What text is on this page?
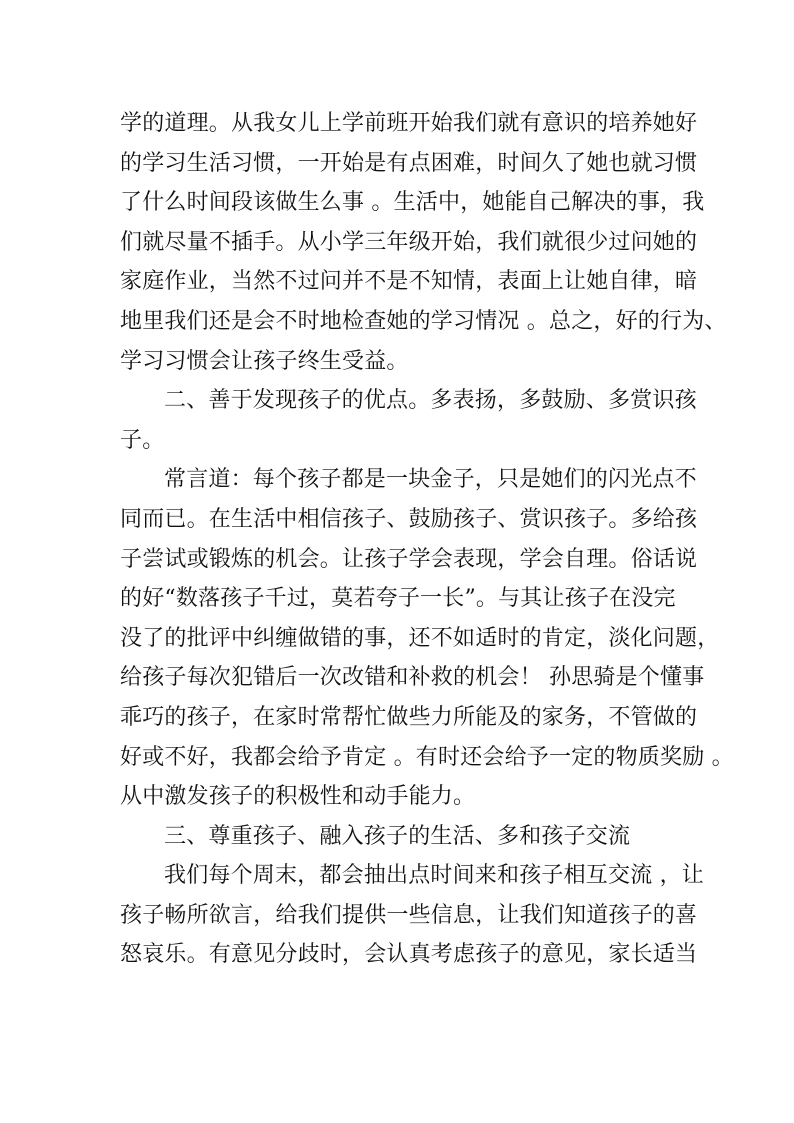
学的道理。从我女儿上学前班开始我们就有意识的培养她好
的学习生活习惯，一开始是有点困难，时间久了她也就习惯
了什么时间段该做生么事 。生活中，她能自己解决的事，我
们就尽量不插手。从小学三年级开始，我们就很少过问她的
家庭作业，当然不过问并不是不知情，表面上让她自律，暗
地里我们还是会不时地检查她的学习情况 。总之，好的行为、
学习习惯会让孩子终生受益。
二、善于发现孩子的优点。多表扬，多鼓励、多赏识孩
子。
常言道：每个孩子都是一块金子，只是她们的闪光点不
同而已。在生活中相信孩子、鼓励孩子、赏识孩子。多给孩
子尝试或锻炼的机会。让孩子学会表现，学会自理。俗话说
的好“数落孩子千过，莫若夸子一长”。与其让孩子在没完
没了的批评中纠缠做错的事，还不如适时的肯定，淡化问题，
给孩子每次犯错后一次改错和补救的机会！ 孙思骑是个懂事
乖巧的孩子，在家时常帮忙做些力所能及的家务，不管做的
好或不好，我都会给予肯定 。有时还会给予一定的物质奖励 。
从中激发孩子的积极性和动手能力。
三、尊重孩子、融入孩子的生活、多和孩子交流
我们每个周末，都会抽出点时间来和孩子相互交流 ，让
孩子畅所欲言，给我们提供一些信息，让我们知道孩子的喜
怒哀乐。有意见分歧时，会认真考虑孩子的意见，家长适当
